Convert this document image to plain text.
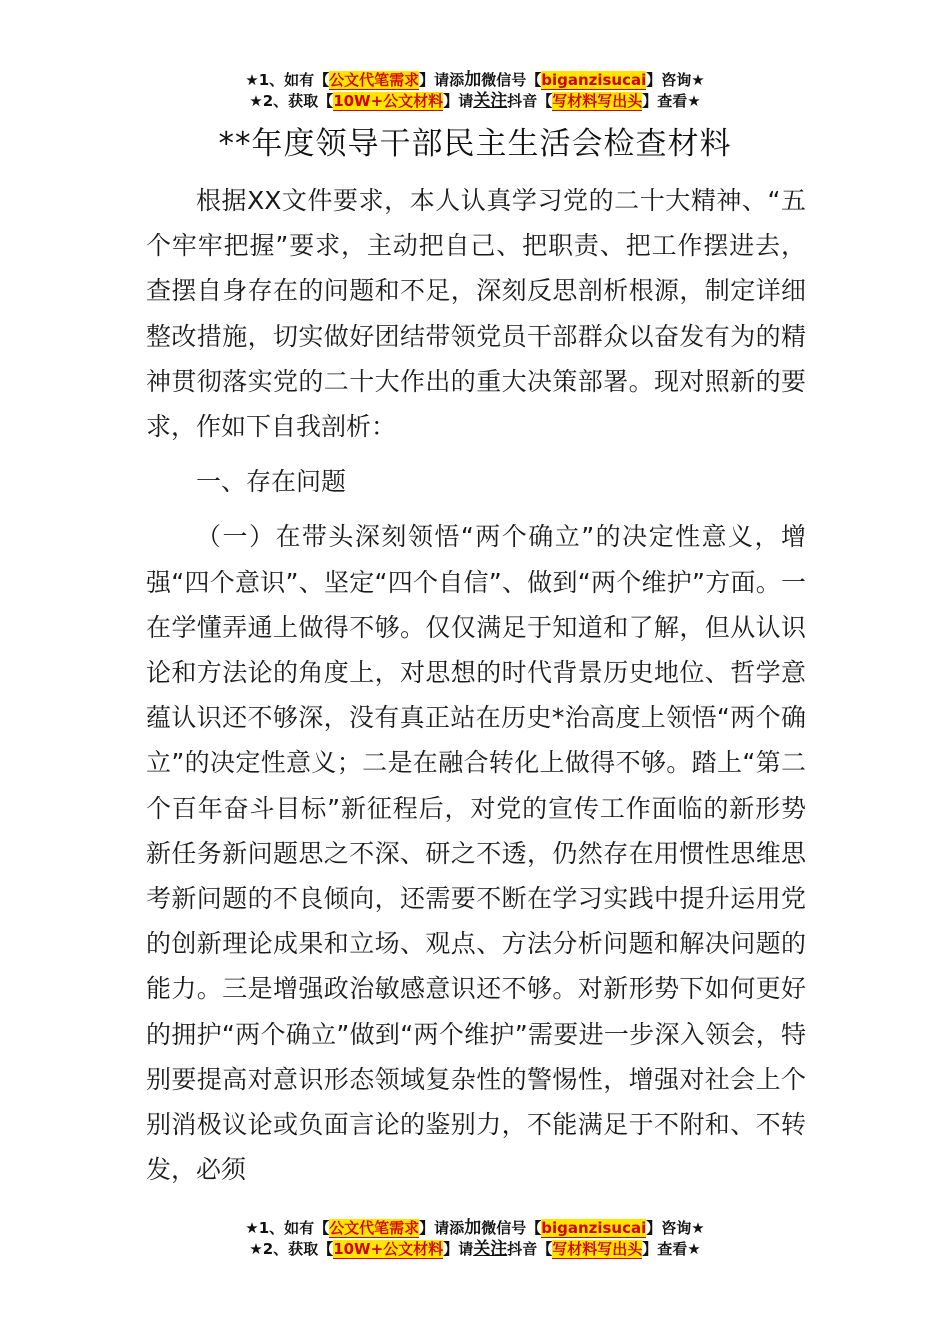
★1、如有【公文代笔需求】请添加微信号【biganzisucai】咨询★
★2、获取【10W+公文材料】请关注抖音【写材料写出头】查看★
**年度领导干部民主生活会检查材料

根据XX文件要求，本人认真学习党的二十大精神、“五个牢牢把握”要求，主动把自己、把职责、把工作摆进去，查摆自身存在的问题和不足，深刻反思剖析根源，制定详细整改措施，切实做好团结带领党员干部群众以奋发有为的精神贯彻落实党的二十大作出的重大决策部署。现对照新的要求，作如下自我剖析：

一、存在问题

（一）在带头深刻领悟“两个确立”的决定性意义，增强“四个意识”、坚定“四个自信”、做到“两个维护”方面。一在学懂弄通上做得不够。仅仅满足于知道和了解，但从认识论和方法论的角度上，对思想的时代背景历史地位、哲学意蕴认识还不够深，没有真正站在历史*治高度上领悟“两个确立”的决定性意义；二是在融合转化上做得不够。踏上“第二个百年奋斗目标”新征程后，对党的宣传工作面临的新形势新任务新问题思之不深、研之不透，仍然存在用惯性思维思考新问题的不良倾向，还需要不断在学习实践中提升运用党的创新理论成果和立场、观点、方法分析问题和解决问题的能力。三是增强政治敏感意识还不够。对新形势下如何更好的拥护“两个确立”做到“两个维护”需要进一步深入领会，特别要提高对意识形态领域复杂性的警惕性，增强对社会上个别消极议论或负面言论的鉴别力，不能满足于不附和、不转发，必须

★1、如有【公文代笔需求】请添加微信号【biganzisucai】咨询★
★2、获取【10W+公文材料】请关注抖音【写材料写出头】查看★
